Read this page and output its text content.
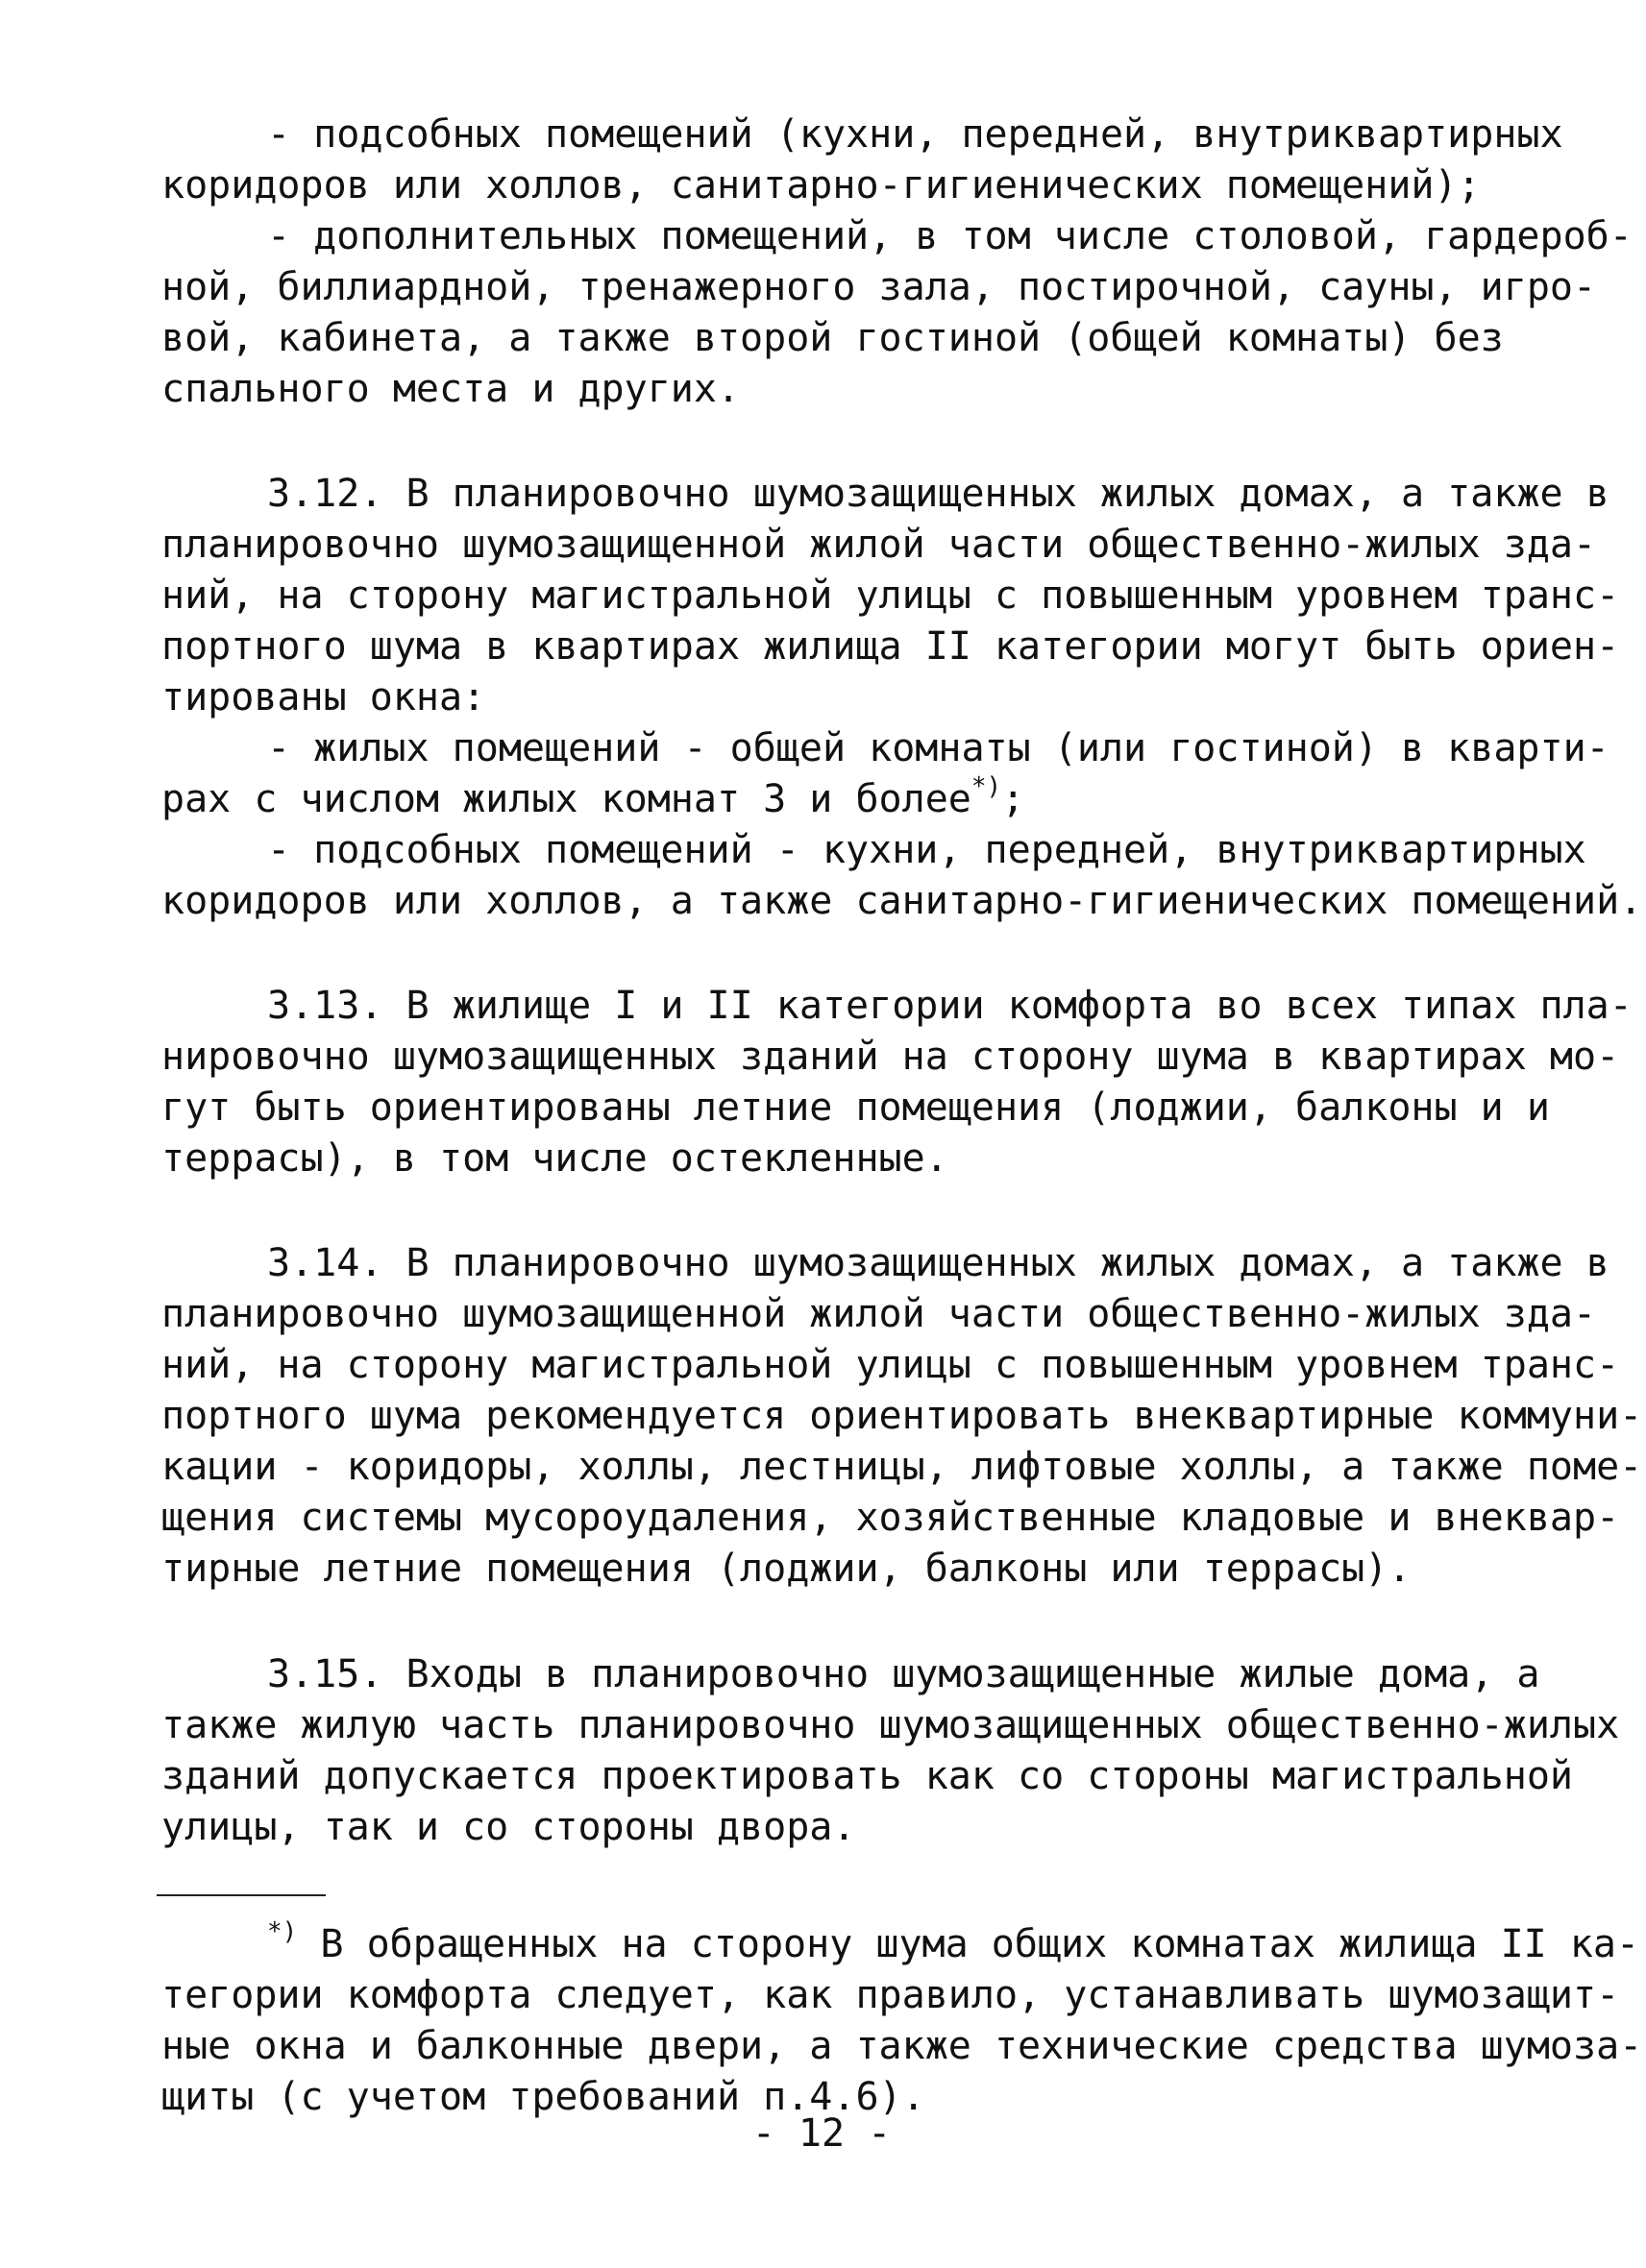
- подсобных помещений (кухни, передней, внутриквартирных
коридоров или холлов, санитарно-гигиенических помещений);
- дополнительных помещений, в том числе столовой, гардероб-
ной, биллиардной, тренажерного зала, постирочной, сауны, игро-
вой, кабинета, а также второй гостиной (общей комнаты) без
спального места и других.
3.12. В планировочно шумозащищенных жилых домах, а также в
планировочно шумозащищенной жилой части общественно-жилых зда-
ний, на сторону магистральной улицы с повышенным уровнем транс-
портного шума в квартирах жилища II категории могут быть ориен-
тированы окна:
- жилых помещений - общей комнаты (или гостиной) в кварти-
рах с числом жилых комнат 3 и более*);
- подсобных помещений - кухни, передней, внутриквартирных
коридоров или холлов, а также санитарно-гигиенических помещений.
3.13. В жилище I и II категории комфорта во всех типах пла-
нировочно шумозащищенных зданий на сторону шума в квартирах мо-
гут быть ориентированы летние помещения (лоджии, балконы и и
террасы), в том числе остекленные.
3.14. В планировочно шумозащищенных жилых домах, а также в
планировочно шумозащищенной жилой части общественно-жилых зда-
ний, на сторону магистральной улицы с повышенным уровнем транс-
портного шума рекомендуется ориентировать внеквартирные коммуни-
кации - коридоры, холлы, лестницы, лифтовые холлы, а также поме-
щения системы мусороудаления, хозяйственные кладовые и внеквар-
тирные летние помещения (лоджии, балконы или террасы).
3.15. Входы в планировочно шумозащищенные жилые дома, а
также жилую часть планировочно шумозащищенных общественно-жилых
зданий допускается проектировать как со стороны магистральной
улицы, так и со стороны двора.
*) В обращенных на сторону шума общих комнатах жилища II ка-
тегории комфорта следует, как правило, устанавливать шумозащит-
ные окна и балконные двери, а также технические средства шумоза-
щиты (с учетом требований п.4.6).
- 12 -
